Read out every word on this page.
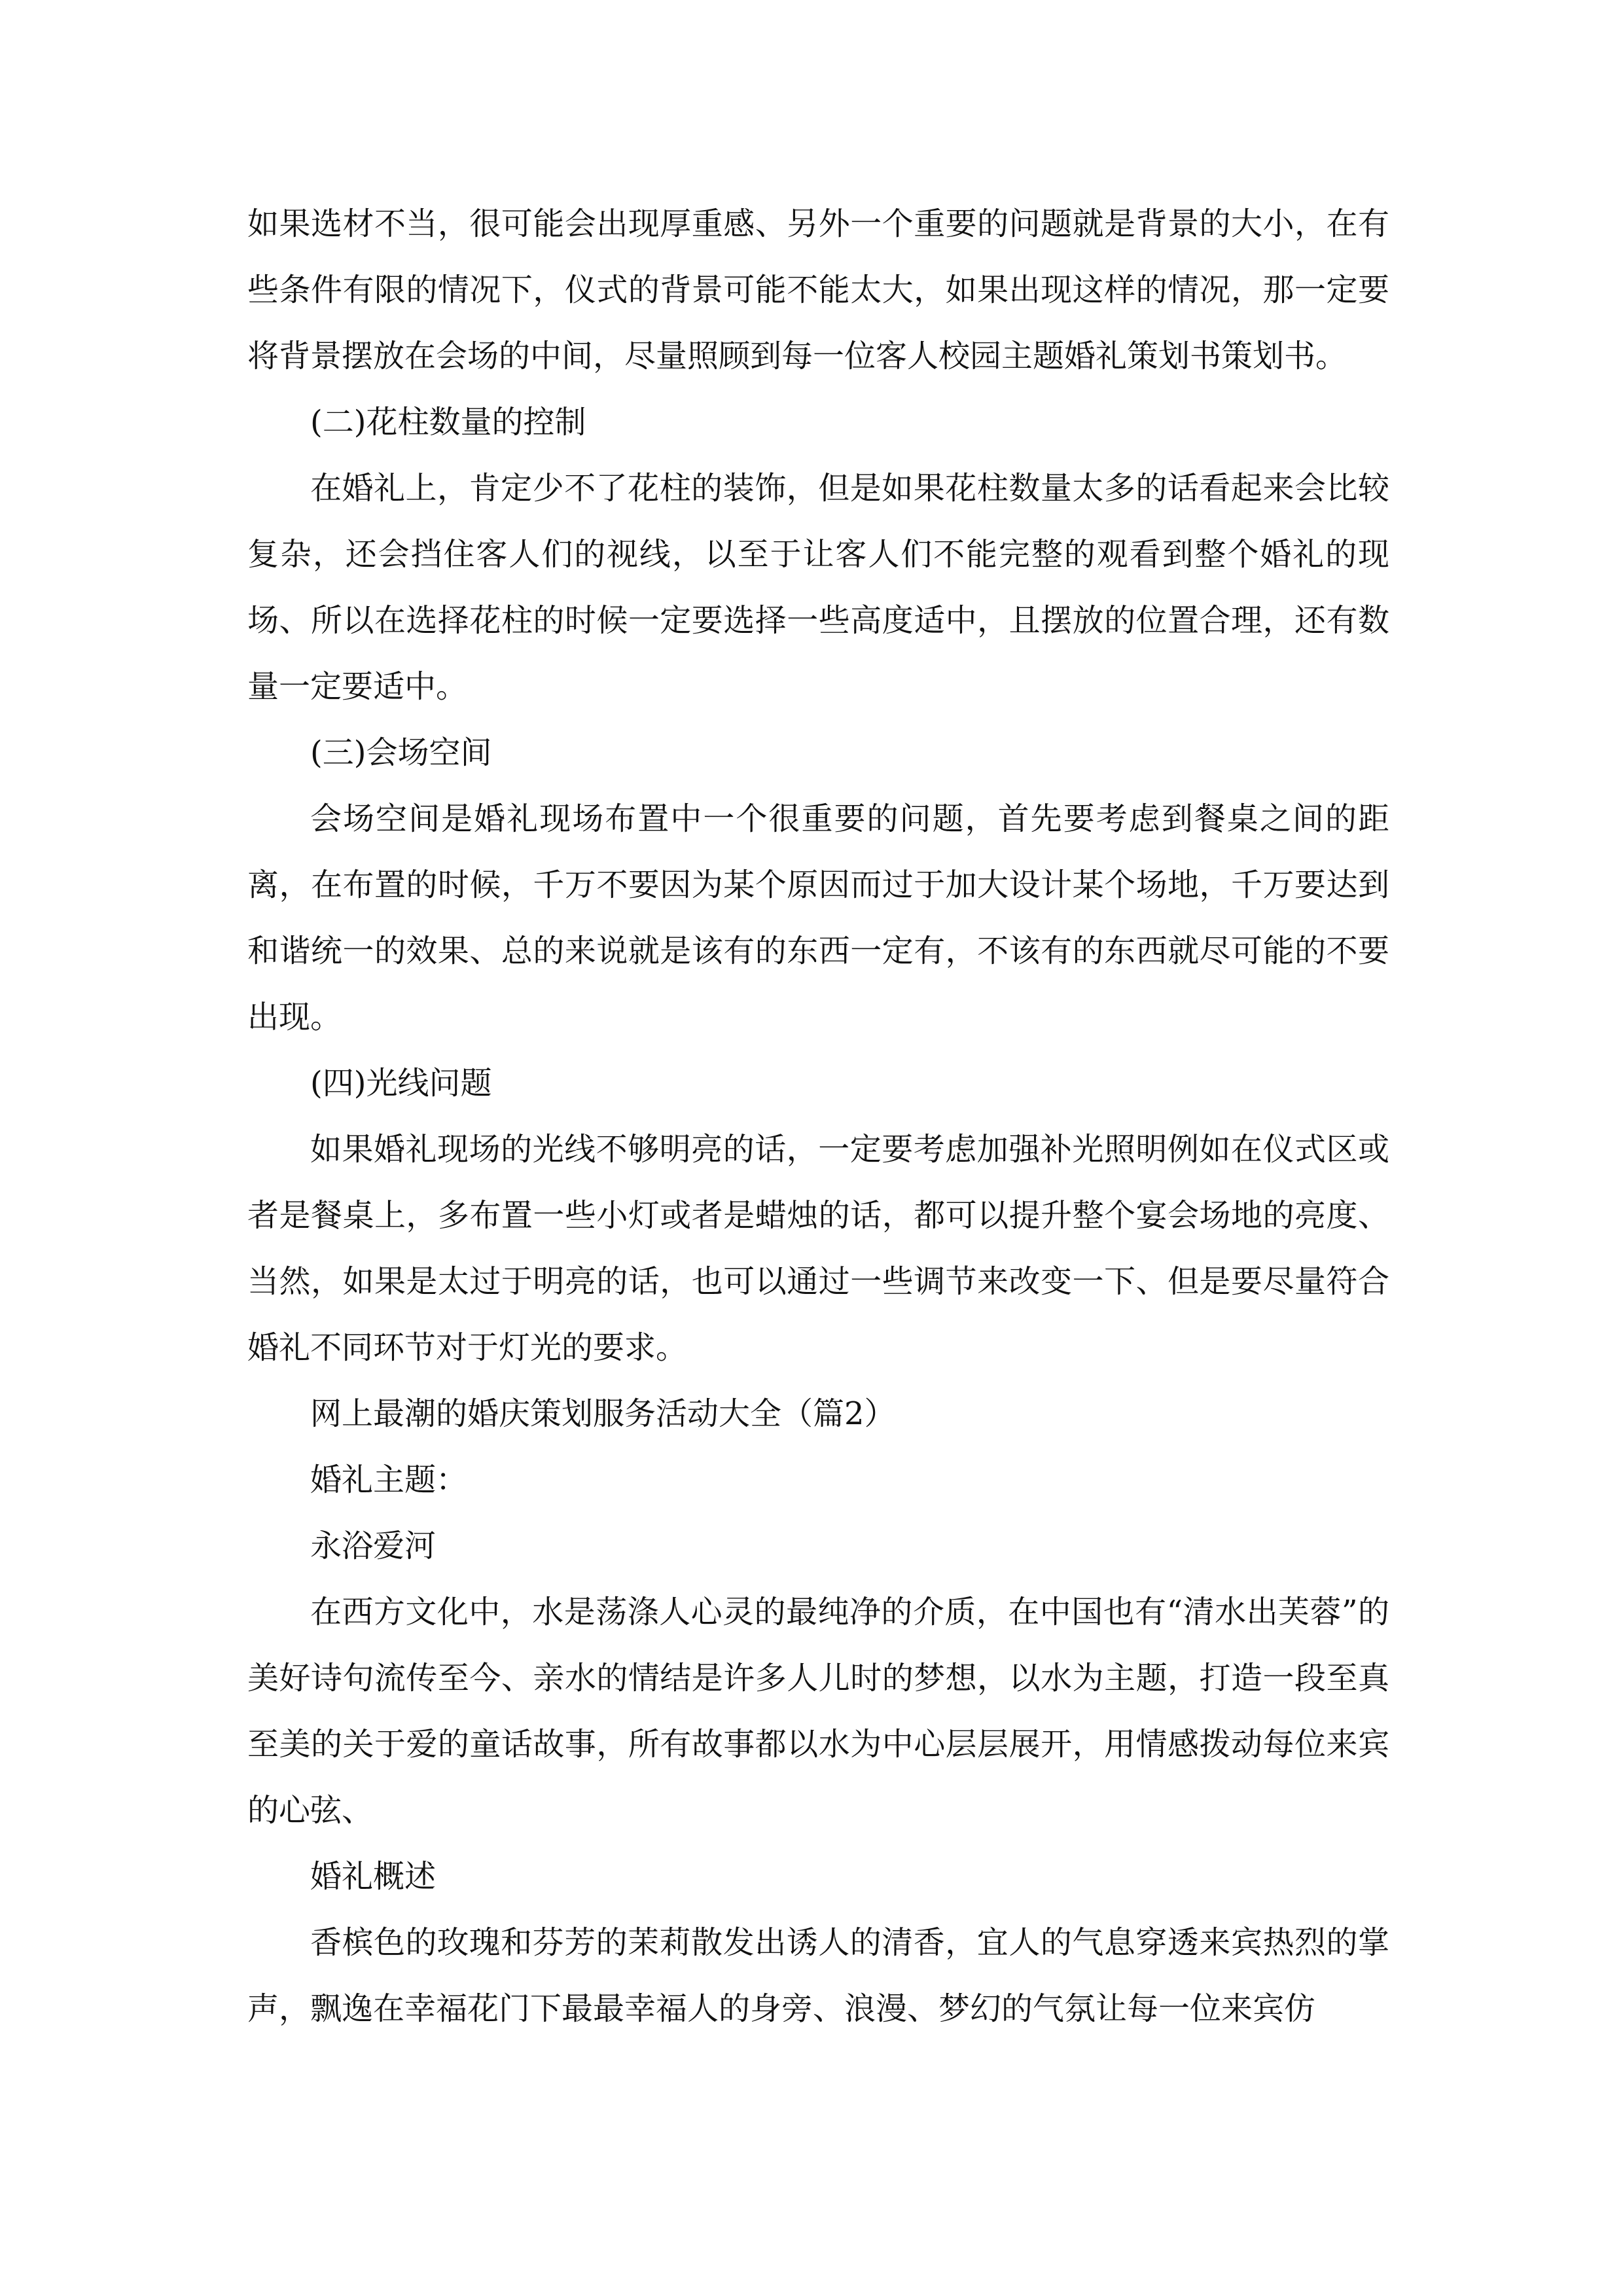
如果选材不当，很可能会出现厚重感、另外一个重要的问题就是背景的大小，在有些条件有限的情况下，仪式的背景可能不能太大，如果出现这样的情况，那一定要将背景摆放在会场的中间，尽量照顾到每一位客人校园主题婚礼策划书策划书。

(二)花柱数量的控制

在婚礼上，肯定少不了花柱的装饰，但是如果花柱数量太多的话看起来会比较复杂，还会挡住客人们的视线，以至于让客人们不能完整的观看到整个婚礼的现场、所以在选择花柱的时候一定要选择一些高度适中，且摆放的位置合理，还有数量一定要适中。

(三)会场空间

会场空间是婚礼现场布置中一个很重要的问题，首先要考虑到餐桌之间的距离，在布置的时候，千万不要因为某个原因而过于加大设计某个场地，千万要达到和谐统一的效果、总的来说就是该有的东西一定有，不该有的东西就尽可能的不要出现。

(四)光线问题

如果婚礼现场的光线不够明亮的话，一定要考虑加强补光照明例如在仪式区或者是餐桌上，多布置一些小灯或者是蜡烛的话，都可以提升整个宴会场地的亮度、当然，如果是太过于明亮的话，也可以通过一些调节来改变一下、但是要尽量符合婚礼不同环节对于灯光的要求。

网上最潮的婚庆策划服务活动大全（篇2）

婚礼主题：

永浴爱河

在西方文化中，水是荡涤人心灵的最纯净的介质，在中国也有“清水出芙蓉”的美好诗句流传至今、亲水的情结是许多人儿时的梦想，以水为主题，打造一段至真至美的关于爱的童话故事，所有故事都以水为中心层层展开，用情感拨动每位来宾的心弦、

婚礼概述

香槟色的玫瑰和芬芳的茉莉散发出诱人的清香，宜人的气息穿透来宾热烈的掌声，飘逸在幸福花门下最最幸福人的身旁、浪漫、梦幻的气氛让每一位来宾仿
